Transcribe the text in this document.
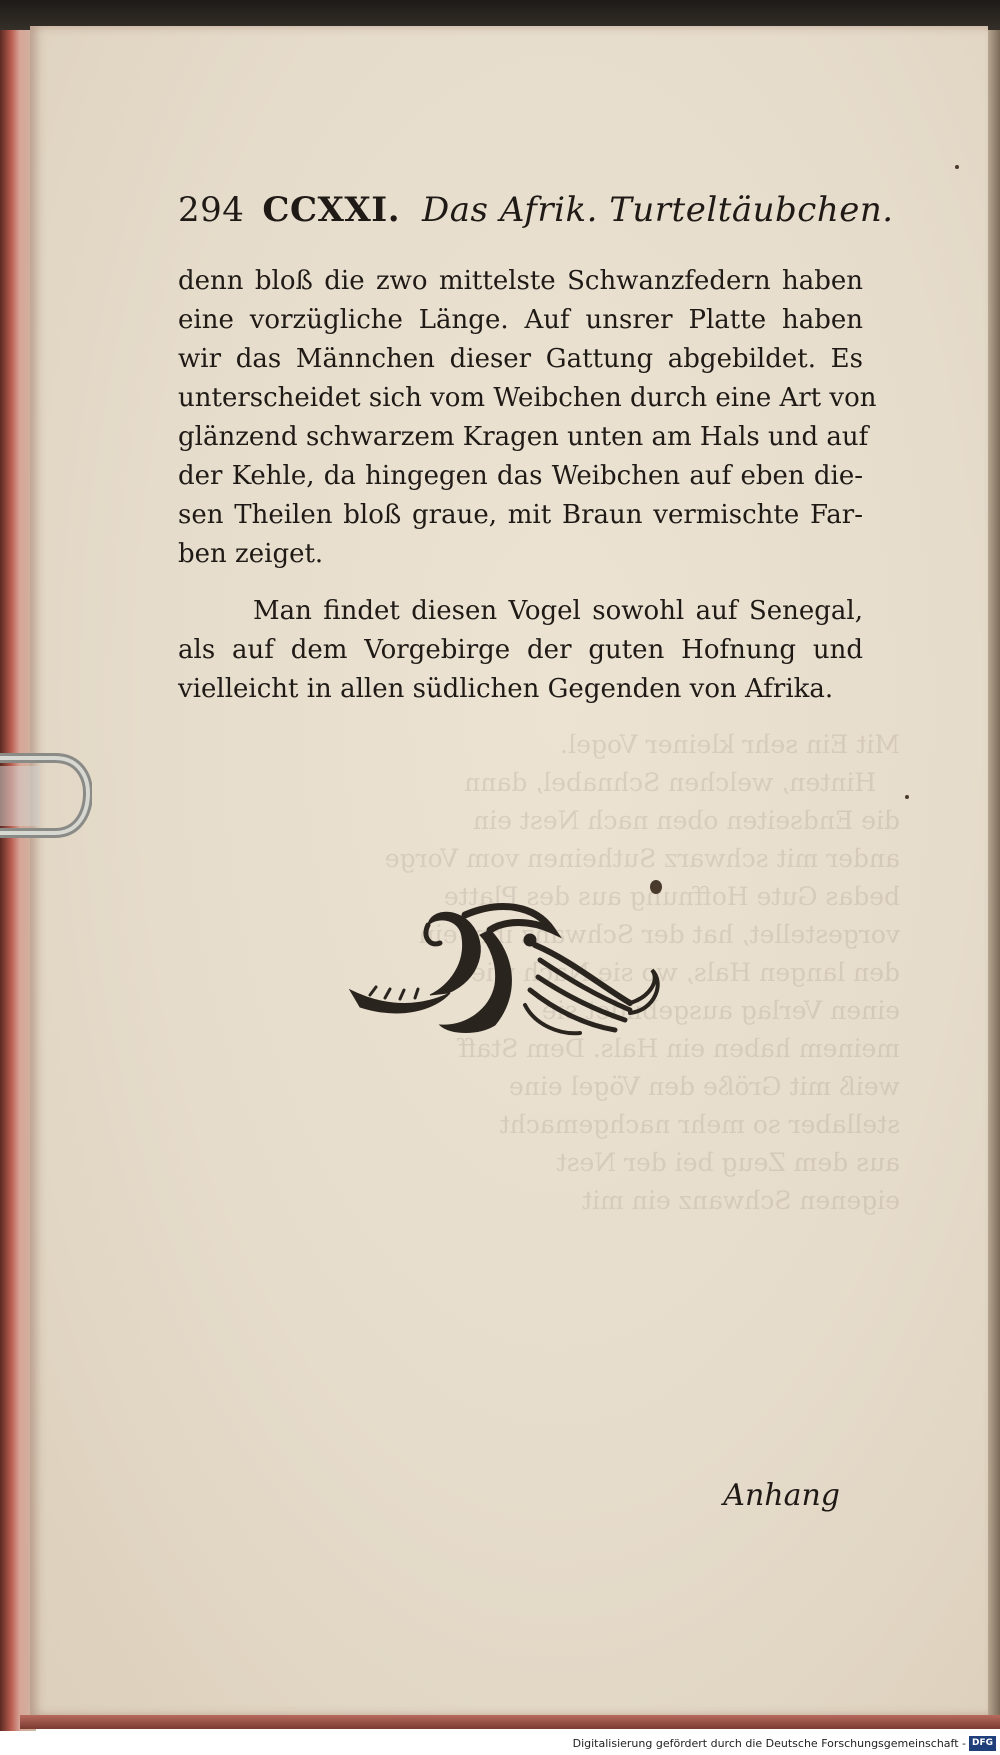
Mit Ein sehr kleiner Vogel.
Hinten, welchen Schnabel, dann
die Endseiten oben nach Nest ein
ander mit schwarz Sutheinen vom Vorge
bedas Gute Hoffnung aus des Platte
vorgestellet, hat der Schwanz  ein
den langen Hals, wo sie Nach wie
einen Verlag ausgebildet sie
meinem haben ein Hals. Dem Staff
weiß mit Größe den Vögel eine
stellaber so mehr nachgemacht
aus dem Zeug bei der Nest
eigenen Schwanz ein mit

294 CCXXI. Das Afrik. Turteltäubchen.
denn bloß die zwo mittelste Schwanzfedern haben
eine vorzügliche Länge. Auf unsrer Platte haben
wir das Männchen dieser Gattung abgebildet. Es
unterscheidet sich vom Weibchen durch eine Art von
glänzend schwarzem Kragen unten am Hals und auf
der Kehle, da hingegen das Weibchen auf eben die-
sen Theilen bloß graue, mit Braun vermischte Far-
ben zeiget.
Man findet diesen Vogel sowohl auf Senegal,
als auf dem Vorgebirge der guten Hofnung und
vielleicht in allen südlichen Gegenden von Afrika.
Anhang
Digitalisierung gefördert durch die Deutsche Forschungsgemeinschaft - DFG
